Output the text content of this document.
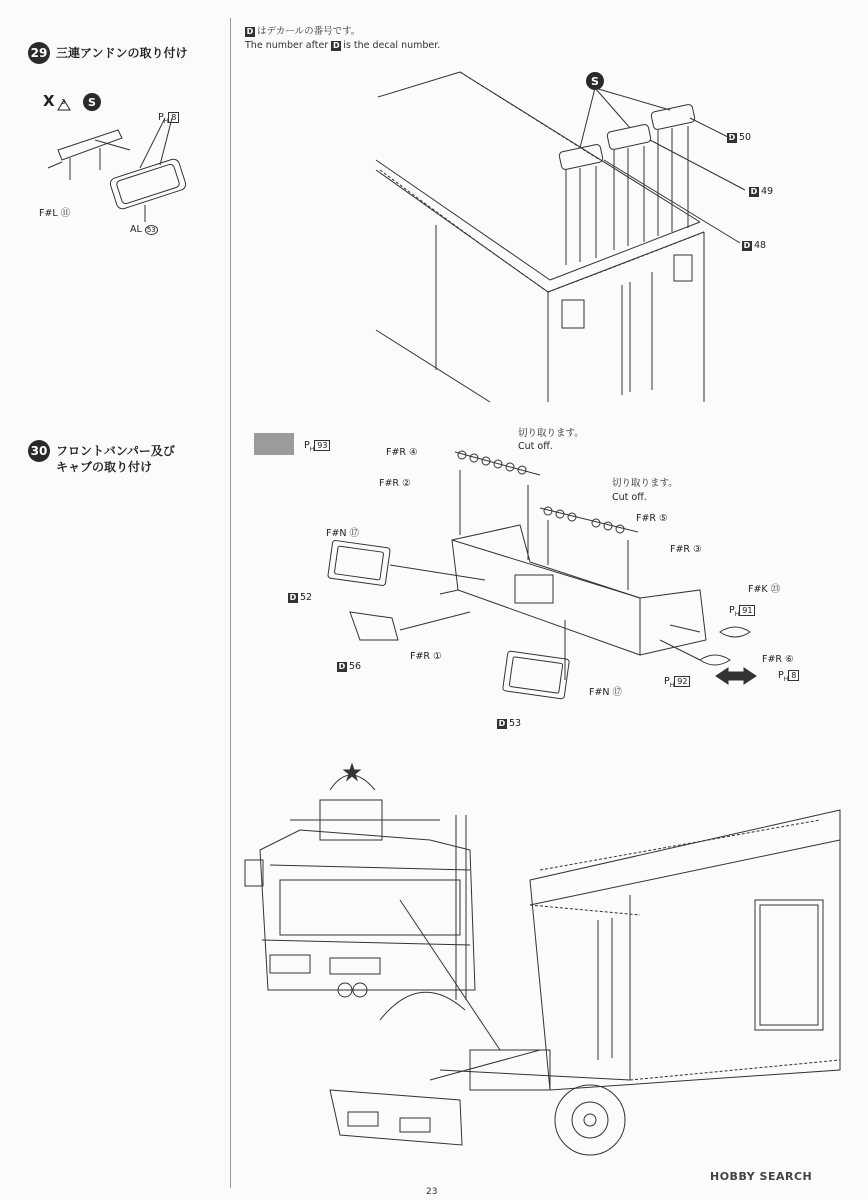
D はデカールの番号です。
The number after D is the decal number.
29 三連アンドンの取り付け
X 3	S
$P_H$ 8
F#L ⑪
AL 53
S
D 50
D 49
D 48
30 フロントバンパー及び
キャブの取り付け
$P_H$ 93
切り取ります。
Cut off.
切り取ります。
Cut off.
F#R ④
F#R ②
F#R ⑤
F#R ③
F#K ㉓
F#N ⑰
F#R ①	F#R ⑥
F#N ⑰
$P_H$ 91
$P_H$ 92
$P_H$ 8
D 52
D 56
D 53
HOBBY SEARCH
23
